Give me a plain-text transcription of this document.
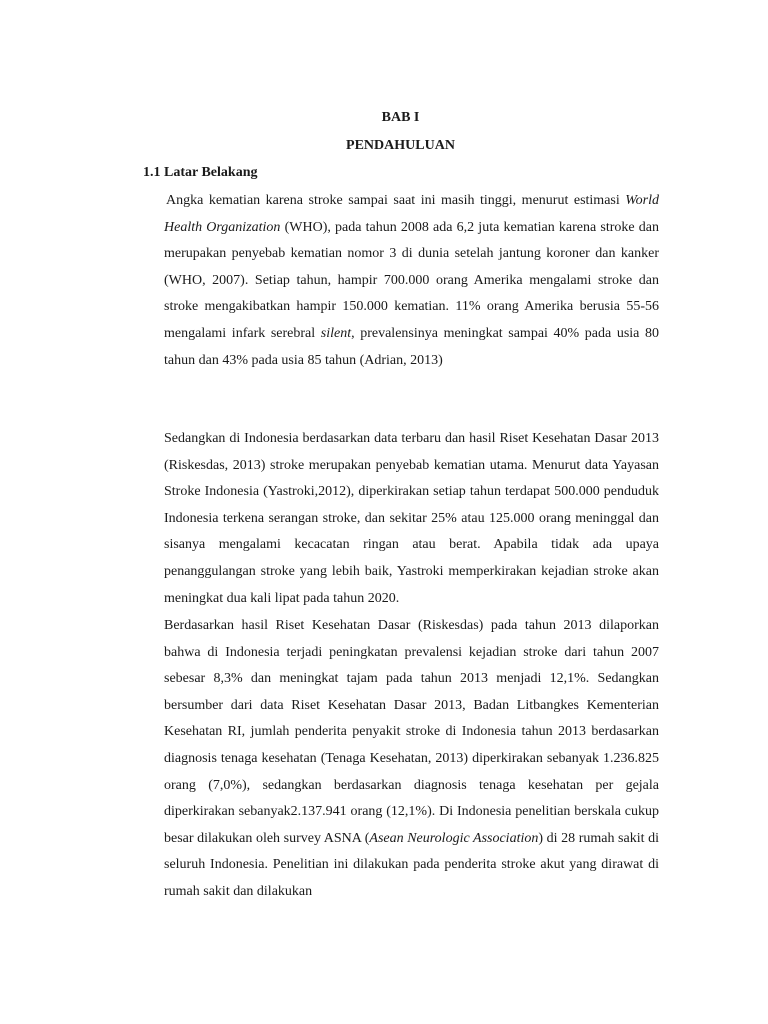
BAB I
PENDAHULUAN
1.1 Latar Belakang

Angka kematian karena stroke sampai saat ini masih tinggi, menurut estimasi World Health Organization (WHO), pada tahun 2008 ada 6,2 juta kematian karena stroke dan merupakan penyebab kematian nomor 3 di dunia setelah jantung koroner dan kanker (WHO, 2007). Setiap tahun, hampir 700.000 orang Amerika mengalami stroke dan stroke mengakibatkan hampir 150.000 kematian. 11% orang Amerika berusia 55-56 mengalami infark serebral silent, prevalensinya meningkat sampai 40% pada usia 80 tahun dan 43% pada usia 85 tahun (Adrian, 2013)

Sedangkan di Indonesia berdasarkan data terbaru dan hasil Riset Kesehatan Dasar 2013 (Riskesdas, 2013) stroke merupakan penyebab kematian utama. Menurut data Yayasan Stroke Indonesia (Yastroki,2012), diperkirakan setiap tahun terdapat 500.000 penduduk Indonesia terkena serangan stroke, dan sekitar 25% atau 125.000 orang meninggal dan sisanya mengalami kecacatan ringan atau berat. Apabila tidak ada upaya penanggulangan stroke yang lebih baik, Yastroki memperkirakan kejadian stroke akan meningkat dua kali lipat pada tahun 2020.

Berdasarkan hasil Riset Kesehatan Dasar (Riskesdas) pada tahun 2013 dilaporkan bahwa di Indonesia terjadi peningkatan prevalensi kejadian stroke dari tahun 2007 sebesar 8,3% dan meningkat tajam pada tahun 2013 menjadi 12,1%. Sedangkan bersumber dari data Riset Kesehatan Dasar 2013, Badan Litbangkes Kementerian Kesehatan RI, jumlah penderita penyakit stroke di Indonesia tahun 2013 berdasarkan diagnosis tenaga kesehatan (Tenaga Kesehatan, 2013) diperkirakan sebanyak 1.236.825 orang (7,0%), sedangkan berdasarkan diagnosis tenaga kesehatan per gejala diperkirakan sebanyak2.137.941 orang (12,1%). Di Indonesia penelitian berskala cukup besar dilakukan oleh survey ASNA (Asean Neurologic Association) di 28 rumah sakit di seluruh Indonesia. Penelitian ini dilakukan pada penderita stroke akut yang dirawat di rumah sakit dan dilakukan
